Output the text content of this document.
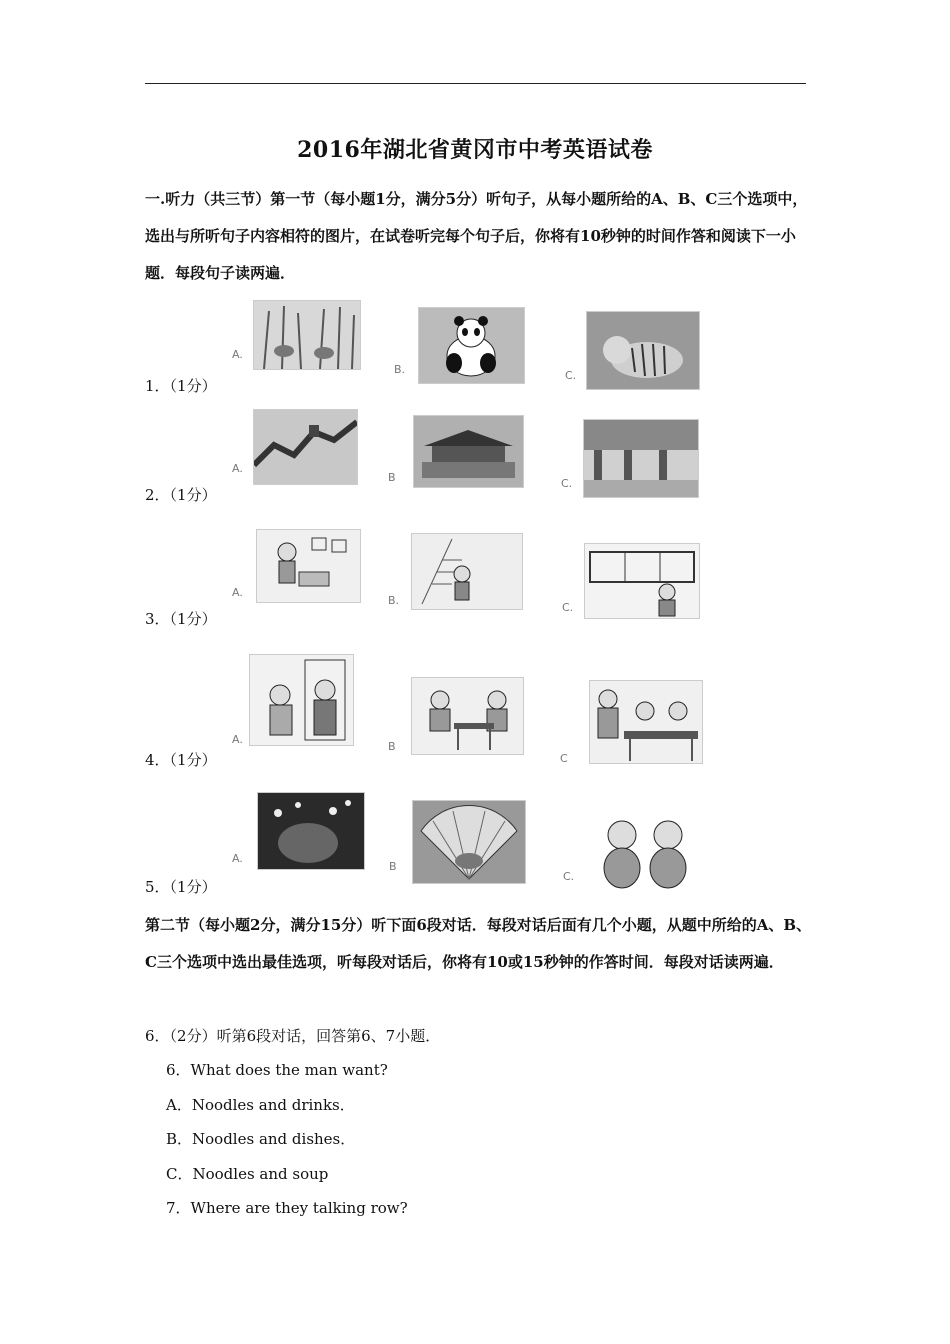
2016年湖北省黄冈市中考英语试卷
一.听力（共三节）第一节（每小题1分，满分5分）听句子，从每小题所给的A、B、C三个选项中，选出与所听句子内容相符的图片，在试卷听完每个句子后，你将有10秒钟的时间作答和阅读下一小题．每段句子读两遍．
1．（1分）
A.
B.	C.
2．（1分）
A.
B	C.
3．（1分）
A.
B.
C.
4．（1分）
A.
B
C
5．（1分）
A.
B
C.
第二节（每小题2分，满分15分）听下面6段对话．每段对话后面有几个小题，从题中所给的A、B、C三个选项中选出最佳选项，听每段对话后，你将有10或15秒钟的作答时间．每段对话读两遍．
6．（2分）听第6段对话，回答第6、7小题．
6．What does the man want?
A．Noodles and drinks．
B．Noodles and dishes．
C．Noodles and soup
7．Where are they talking row?
